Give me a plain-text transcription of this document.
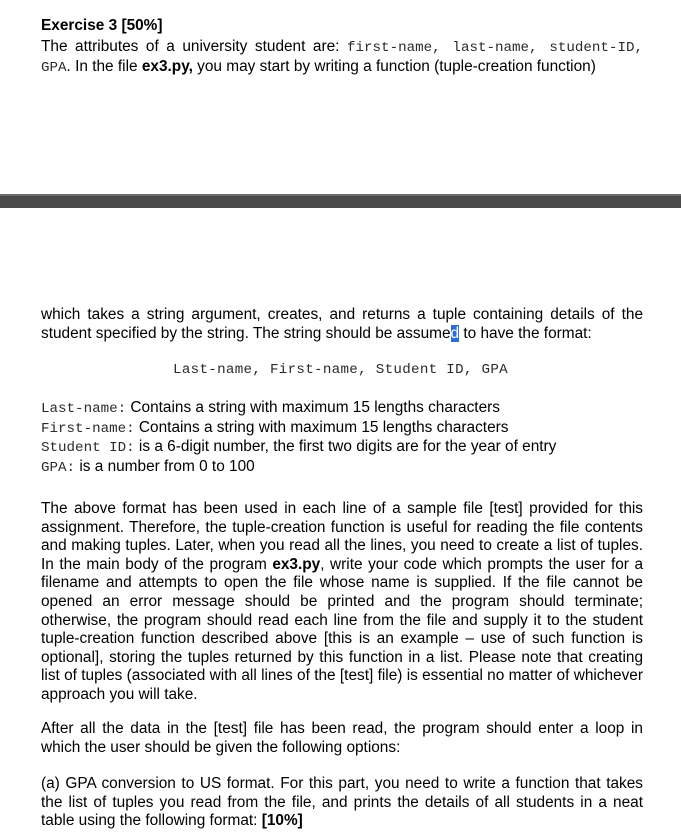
Exercise 3 [50%]

The attributes of a university student are: first-name, last-name, student-ID, GPA. In the file ex3.py, you may start by writing a function (tuple-creation function)

which takes a string argument, creates, and returns a tuple containing details of the student specified by the string. The string should be assumed to have the format:

Last-name, First-name, Student ID, GPA
Last-name: Contains a string with maximum 15 lengths characters
First-name: Contains a string with maximum 15 lengths characters
Student ID: is a 6-digit number, the first two digits are for the year of entry
GPA: is a number from 0 to 100

The above format has been used in each line of a sample file [test] provided for this assignment. Therefore, the tuple-creation function is useful for reading the file contents and making tuples. Later, when you read all the lines, you need to create a list of tuples. In the main body of the program ex3.py, write your code which prompts the user for a filename and attempts to open the file whose name is supplied. If the file cannot be opened an error message should be printed and the program should terminate; otherwise, the program should read each line from the file and supply it to the student tuple-creation function described above [this is an example – use of such function is optional], storing the tuples returned by this function in a list. Please note that creating list of tuples (associated with all lines of the [test] file) is essential no matter of whichever approach you will take.

After all the data in the [test] file has been read, the program should enter a loop in which the user should be given the following options:

(a) GPA conversion to US format. For this part, you need to write a function that takes the list of tuples you read from the file, and prints the details of all students in a neat table using the following format: [10%]
